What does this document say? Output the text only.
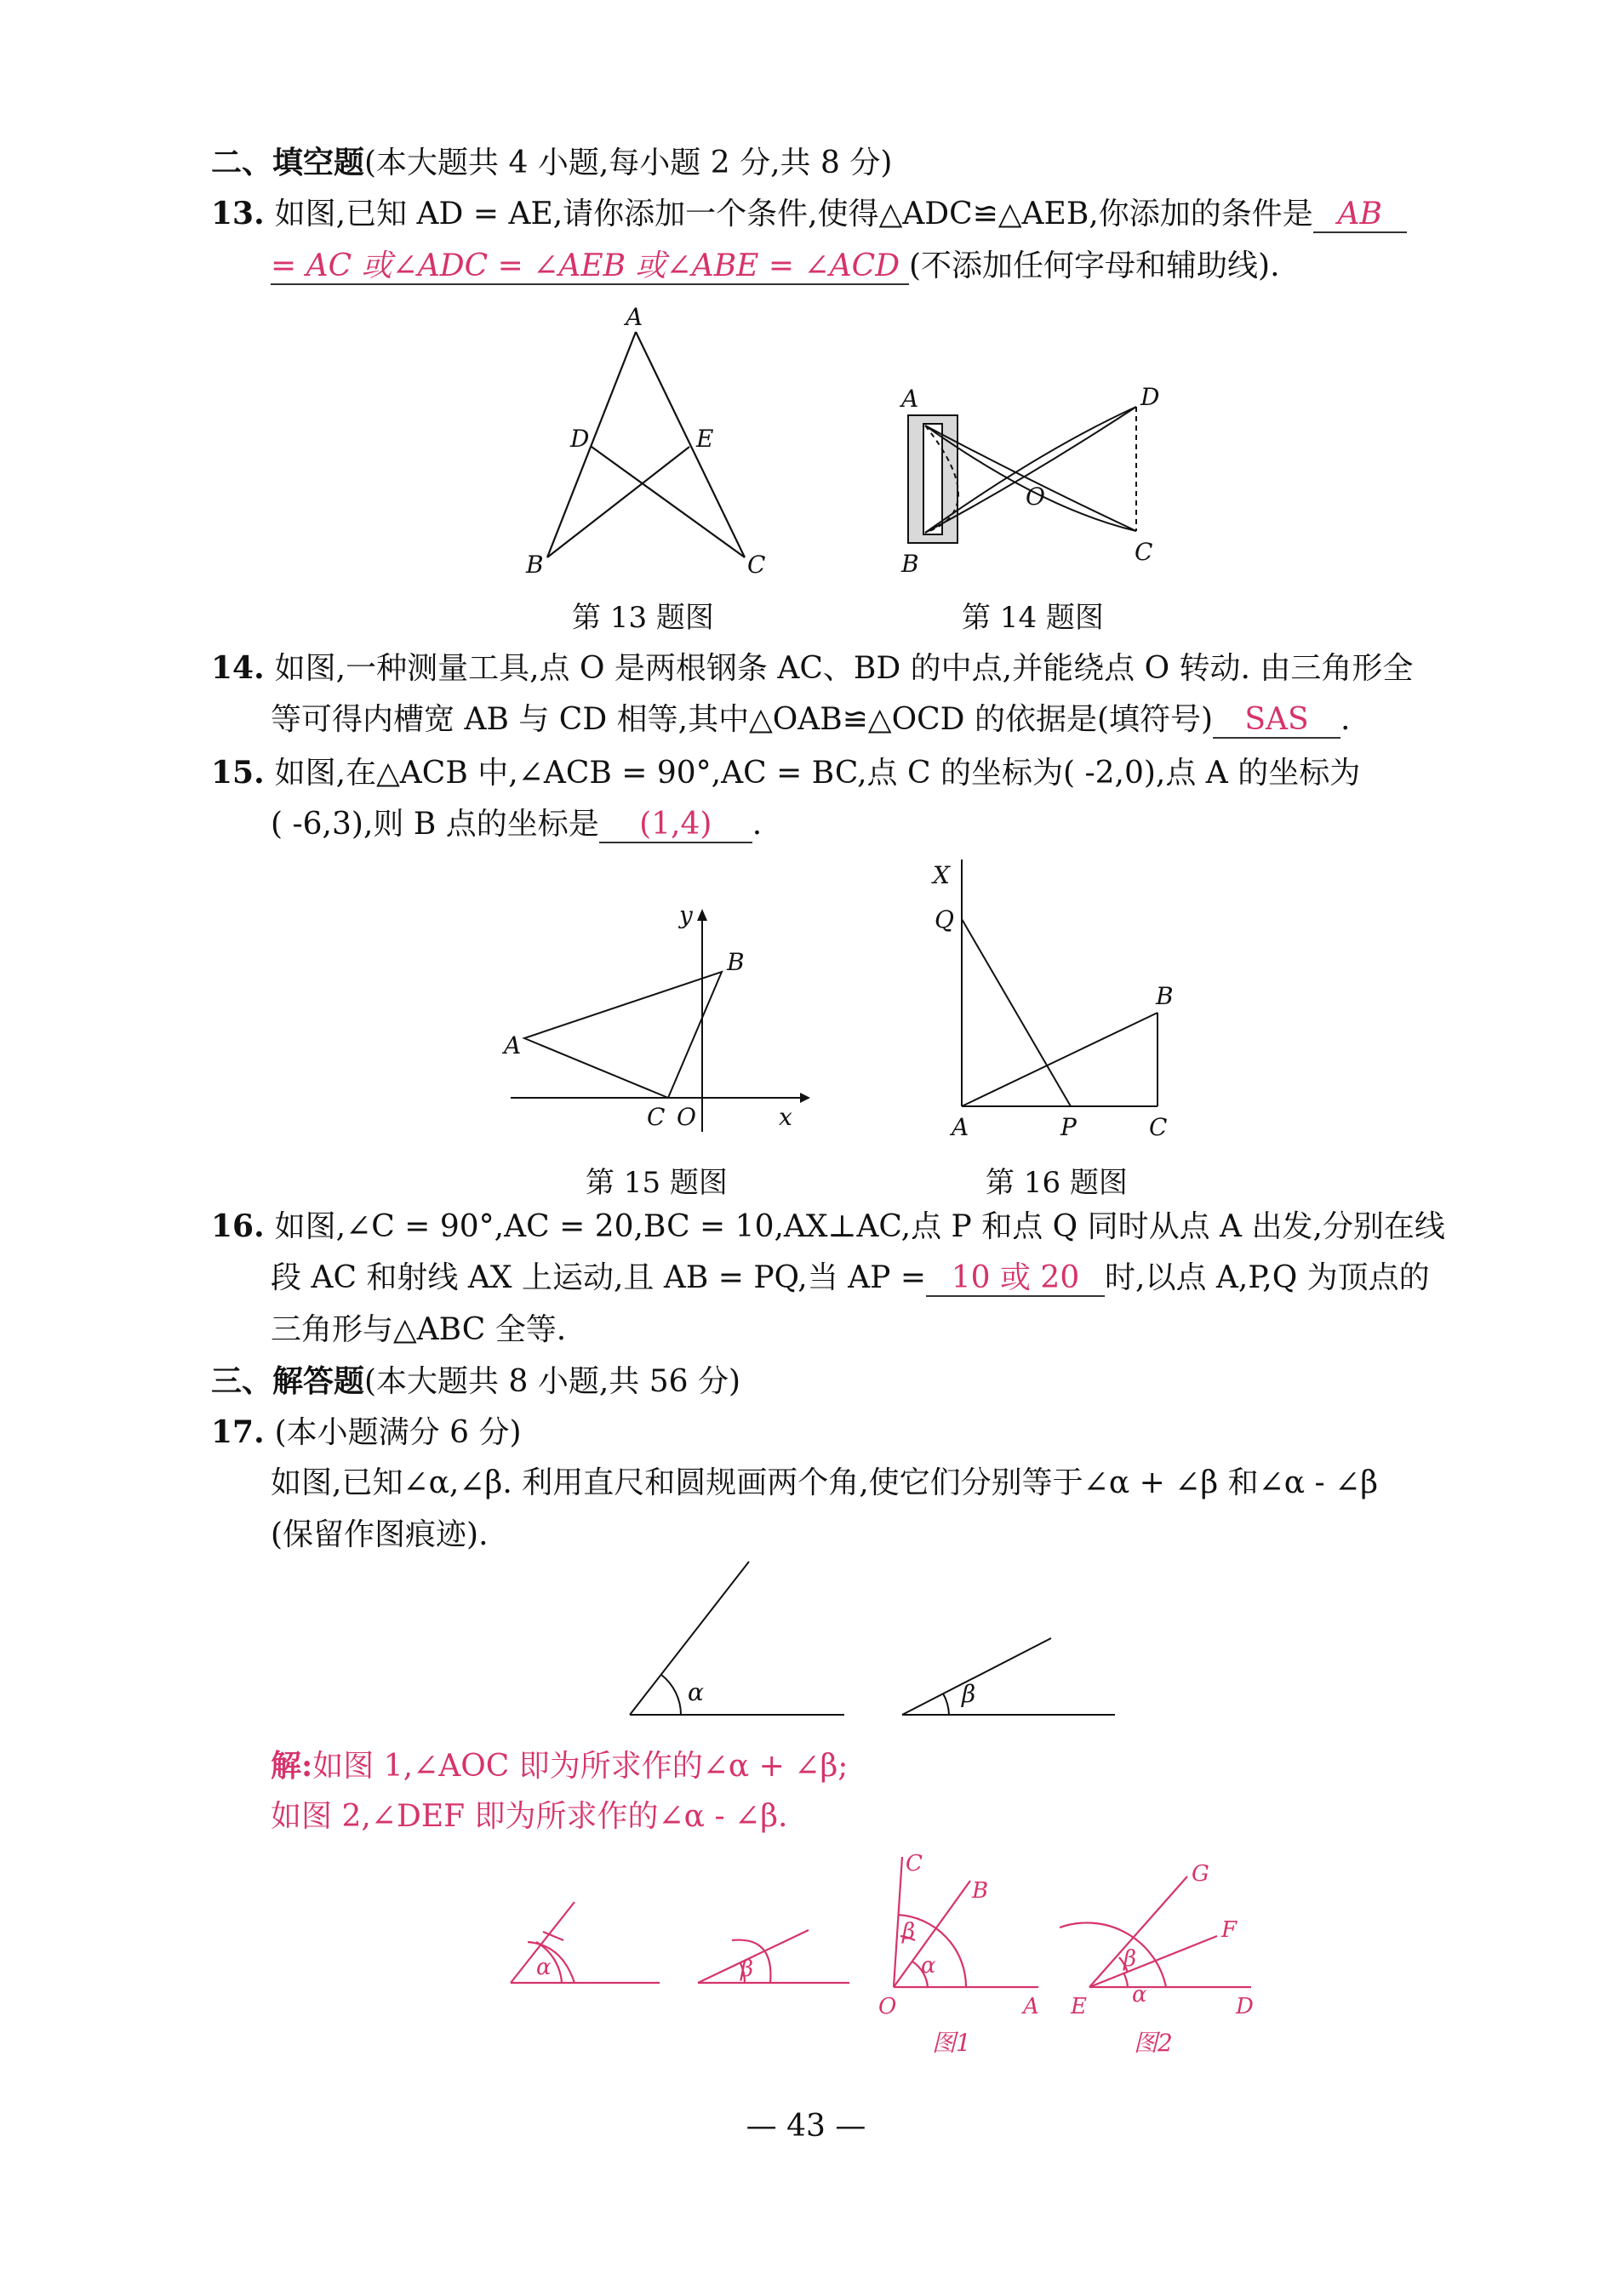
二、填空题(本大题共 4 小题,每小题 2 分,共 8 分)
13. 如图,已知 AD = AE,请你添加一个条件,使得△ADC≌△AEB,你添加的条件是 AB
= AC 或∠ADC = ∠AEB 或∠ABE = ∠ACD (不添加任何字母和辅助线).
A
D	E
B	C
第 13 题图
A	D
O
B	C
第 14 题图
14. 如图,一种测量工具,点 O 是两根钢条 AC、BD 的中点,并能绕点 O 转动. 由三角形全
等可得内槽宽 AB 与 CD 相等,其中△OAB≌△OCD 的依据是(填符号) SAS .
15. 如图,在△ACB 中,∠ACB = 90°,AC = BC,点 C 的坐标为( -2,0),点 A 的坐标为
( -6,3),则 B 点的坐标是 (1,4) .
y
B
A
C O	x
第 15 题图
X
Q
B
A	P	C
第 16 题图
16. 如图,∠C = 90°,AC = 20,BC = 10,AX⊥AC,点 P 和点 Q 同时从点 A 出发,分别在线
段 AC 和射线 AX 上运动,且 AB = PQ,当 AP = 10 或 20 时,以点 A,P,Q 为顶点的
三角形与△ABC 全等.
三、解答题(本大题共 8 小题,共 56 分)
17. (本小题满分 6 分)
如图,已知∠α,∠β. 利用直尺和圆规画两个角,使它们分别等于∠α + ∠β 和∠α - ∠β
(保留作图痕迹).
α	β
解:如图 1,∠AOC 即为所求作的∠α + ∠β;
如图 2,∠DEF 即为所求作的∠α - ∠β.
α	β
C
B
β
α
O	A
G
F
β
α
E	D
图1	图2
— 43 —
